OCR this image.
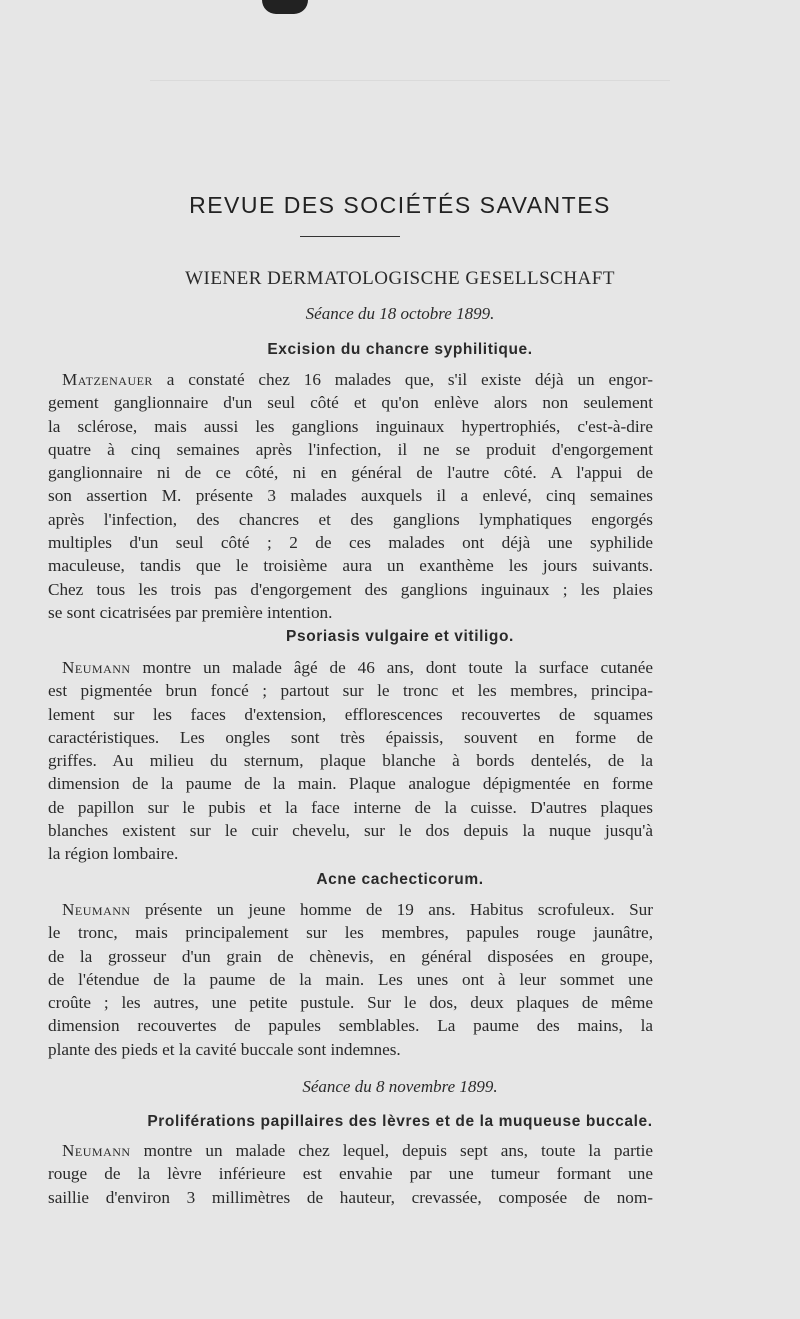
REVUE DES SOCIÉTÉS SAVANTES
WIENER DERMATOLOGISCHE GESELLSCHAFT
Séance du 18 octobre 1899.
Excision du chancre syphilitique.
Matzenauer a constaté chez 16 malades que, s'il existe déjà un engor-
gement ganglionnaire d'un seul côté et qu'on enlève alors non seulement
la sclérose, mais aussi les ganglions inguinaux hypertrophiés, c'est-à-dire
quatre à cinq semaines après l'infection, il ne se produit d'engorgement
ganglionnaire ni de ce côté, ni en général de l'autre côté. A l'appui de
son assertion M. présente 3 malades auxquels il a enlevé, cinq semaines
après l'infection, des chancres et des ganglions lymphatiques engorgés
multiples d'un seul côté ; 2 de ces malades ont déjà une syphilide
maculeuse, tandis que le troisième aura un exanthème les jours suivants.
Chez tous les trois pas d'engorgement des ganglions inguinaux ; les plaies
se sont cicatrisées par première intention.
Psoriasis vulgaire et vitiligo.
Neumann montre un malade âgé de 46 ans, dont toute la surface cutanée
est pigmentée brun foncé ; partout sur le tronc et les membres, principa-
lement sur les faces d'extension, efflorescences recouvertes de squames
caractéristiques. Les ongles sont très épaissis, souvent en forme de
griffes. Au milieu du sternum, plaque blanche à bords dentelés, de la
dimension de la paume de la main. Plaque analogue dépigmentée en forme
de papillon sur le pubis et la face interne de la cuisse. D'autres plaques
blanches existent sur le cuir chevelu, sur le dos depuis la nuque jusqu'à
la région lombaire.
Acne cachecticorum.
Neumann présente un jeune homme de 19 ans. Habitus scrofuleux. Sur
le tronc, mais principalement sur les membres, papules rouge jaunâtre,
de la grosseur d'un grain de chènevis, en général disposées en groupe,
de l'étendue de la paume de la main. Les unes ont à leur sommet une
croûte ; les autres, une petite pustule. Sur le dos, deux plaques de même
dimension recouvertes de papules semblables. La paume des mains, la
plante des pieds et la cavité buccale sont indemnes.
Séance du 8 novembre 1899.
Proliférations papillaires des lèvres et de la muqueuse buccale.
Neumann montre un malade chez lequel, depuis sept ans, toute la partie
rouge de la lèvre inférieure est envahie par une tumeur formant une
saillie d'environ 3 millimètres de hauteur, crevassée, composée de nom-
